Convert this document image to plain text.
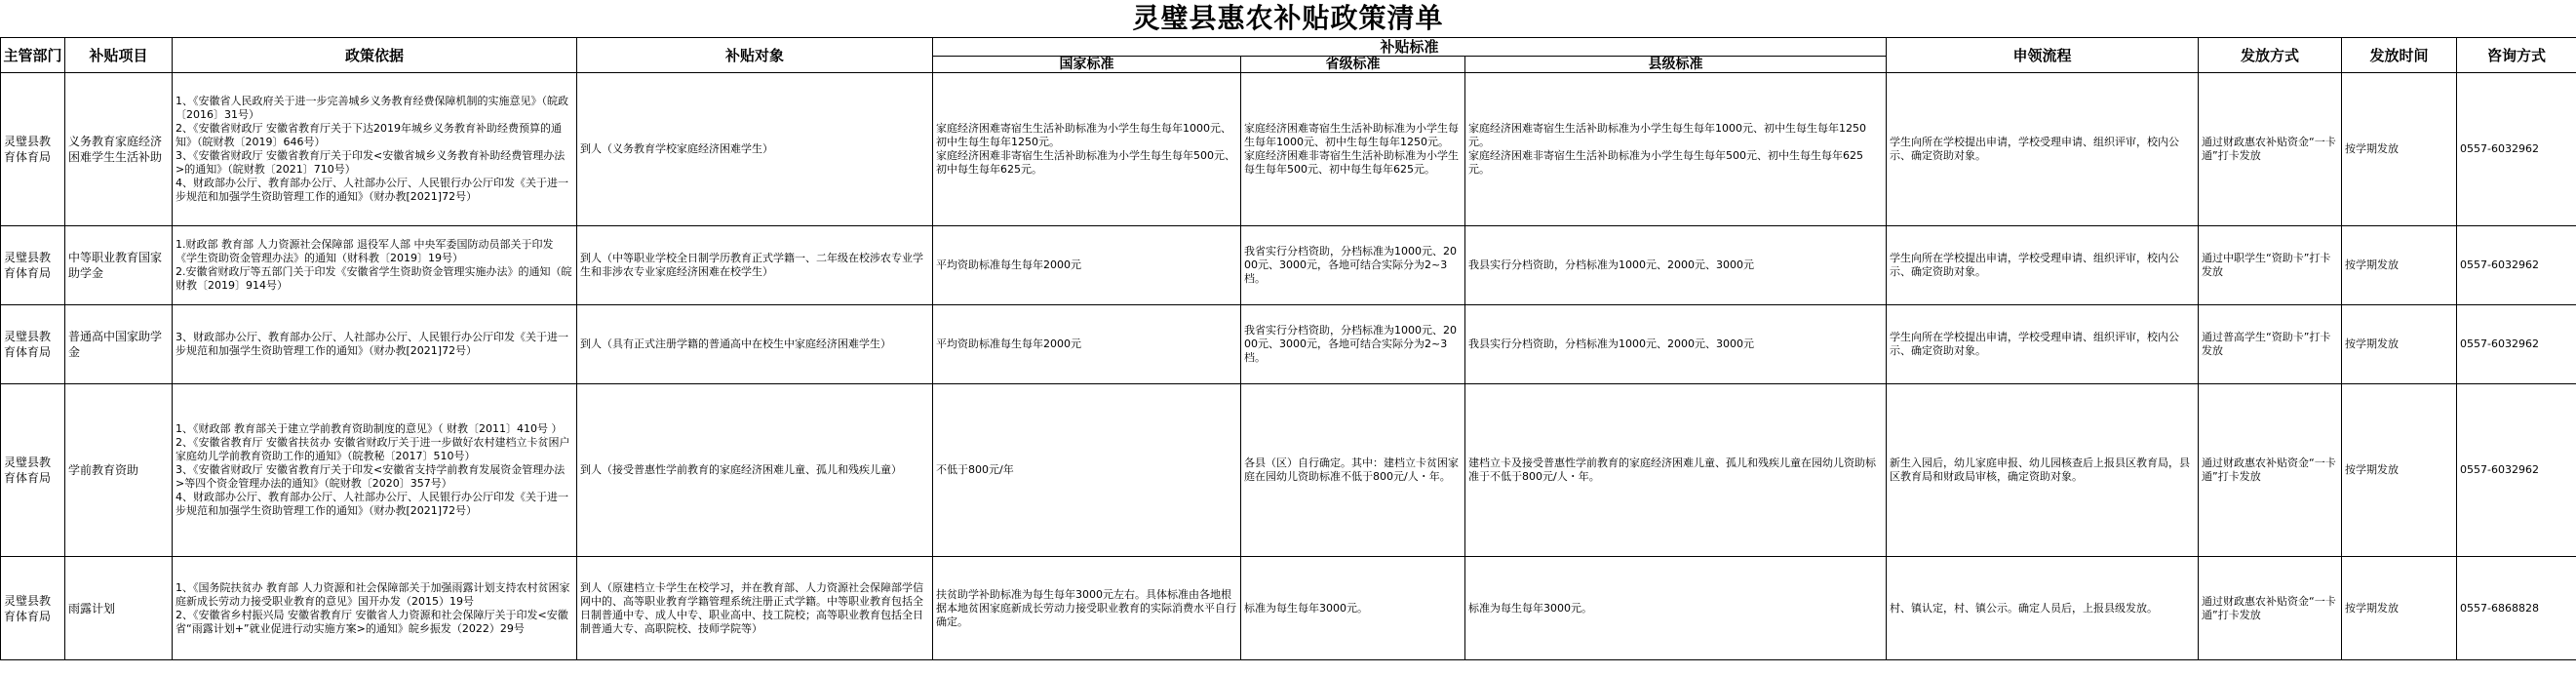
灵璧县惠农补贴政策清单
主管部门	补贴项目	政策依据	补贴对象	补贴标准			申领流程	发放方式	发放时间	咨询方式
				国家标准	省级标准	县级标准				
灵璧县教育体育局	义务教育家庭经济困难学生生活补助	1、《安徽省人民政府关于进一步完善城乡义务教育经费保障机制的实施意见》（皖政〔2016〕31号）
2、《安徽省财政厅 安徽省教育厅关于下达2019年城乡义务教育补助经费预算的通知》（皖财教〔2019〕646号）
3、《安徽省财政厅 安徽省教育厅关于印发<安徽省城乡义务教育补助经费管理办法>的通知》（皖财教〔2021〕710号）
4、财政部办公厅、教育部办公厅、人社部办公厅、人民银行办公厅印发《关于进一步规范和加强学生资助管理工作的通知》（财办教[2021]72号）	到人（义务教育学校家庭经济困难学生）	家庭经济困难寄宿生生活补助标准为小学生每生每年1000元、初中生每生每年1250元。
家庭经济困难非寄宿生生活补助标准为小学生每生每年500元、初中每生每年625元。	家庭经济困难寄宿生生活补助标准为小学生每生每年1000元、初中生每生每年1250元。
家庭经济困难非寄宿生生活补助标准为小学生每生每年500元、初中每生每年625元。	家庭经济困难寄宿生生活补助标准为小学生每生每年1000元、初中生每生每年1250元。
家庭经济困难非寄宿生生活补助标准为小学生每生每年500元、初中生每生每年625元。	学生向所在学校提出申请，学校受理申请、组织评审，校内公示、确定资助对象。	通过财政惠农补贴资金“一卡通”打卡发放	按学期发放	0557-6032962
灵璧县教育体育局	中等职业教育国家助学金	1.财政部 教育部 人力资源社会保障部 退役军人部 中央军委国防动员部关于印发《学生资助资金管理办法》的通知（财科教〔2019〕19号）
2.安徽省财政厅等五部门关于印发《安徽省学生资助资金管理实施办法》的通知（皖财教〔2019〕914号）	到人（中等职业学校全日制学历教育正式学籍一、二年级在校涉农专业学生和非涉农专业家庭经济困难在校学生）	平均资助标准每生每年2000元	我省实行分档资助，分档标准为1000元、2000元、3000元，各地可结合实际分为2~3档。	我县实行分档资助，分档标准为1000元、2000元、3000元	学生向所在学校提出申请，学校受理申请、组织评审，校内公示、确定资助对象。	通过中职学生“资助卡”打卡发放	按学期发放	0557-6032962
灵璧县教育体育局	普通高中国家助学金	3、财政部办公厅、教育部办公厅、人社部办公厅、人民银行办公厅印发《关于进一步规范和加强学生资助管理工作的通知》（财办教[2021]72号）	到人（具有正式注册学籍的普通高中在校生中家庭经济困难学生）	平均资助标准每生每年2000元	我省实行分档资助，分档标准为1000元、2000元、3000元，各地可结合实际分为2~3档。	我县实行分档资助，分档标准为1000元、2000元、3000元	学生向所在学校提出申请，学校受理申请、组织评审，校内公示、确定资助对象。	通过普高学生“资助卡”打卡发放	按学期发放	0557-6032962
灵璧县教育体育局	学前教育资助	1、《财政部 教育部关于建立学前教育资助制度的意见》（ 财教〔2011〕410号 ）
2、《安徽省教育厅 安徽省扶贫办 安徽省财政厅关于进一步做好农村建档立卡贫困户家庭幼儿学前教育资助工作的通知》（皖教秘〔2017〕510号）
3、《安徽省财政厅 安徽省教育厅关于印发<安徽省支持学前教育发展资金管理办法>等四个资金管理办法的通知》（皖财教〔2020〕357号）
4、财政部办公厅、教育部办公厅、人社部办公厅、人民银行办公厅印发《关于进一步规范和加强学生资助管理工作的通知》（财办教[2021]72号）	到人（接受普惠性学前教育的家庭经济困难儿童、孤儿和残疾儿童）	不低于800元/年	各县（区）自行确定。其中：建档立卡贫困家庭在园幼儿资助标准不低于800元/人・年。	建档立卡及接受普惠性学前教育的家庭经济困难儿童、孤儿和残疾儿童在园幼儿资助标准于不低于800元/人・年。	新生入园后，幼儿家庭申报、幼儿园核查后上报县区教育局，县区教育局和财政局审核，确定资助对象。	通过财政惠农补贴资金“一卡通”打卡发放	按学期发放	0557-6032962
灵璧县教育体育局	雨露计划	1、《国务院扶贫办 教育部 人力资源和社会保障部关于加强雨露计划支持农村贫困家庭新成长劳动力接受职业教育的意见》国开办发（2015）19号
2、《安徽省乡村振兴局 安徽省教育厅 安徽省人力资源和社会保障厅关于印发<安徽省“雨露计划+”就业促进行动实施方案>的通知》皖乡振发（2022）29号	到人（原建档立卡学生在校学习，并在教育部、人力资源社会保障部学信网中的、高等职业教育学籍管理系统注册正式学籍。中等职业教育包括全日制普通中专、成人中专、职业高中、技工院校；高等职业教育包括全日制普通大专、高职院校、技师学院等）	扶贫助学补助标准为每生每年3000元左右。具体标准由各地根据本地贫困家庭新成长劳动力接受职业教育的实际消费水平自行确定。	标准为每生每年3000元。	标准为每生每年3000元。	村、镇认定，村、镇公示。确定人员后，上报县级发放。	通过财政惠农补贴资金“一卡通”打卡发放	按学期发放	0557-6868828
